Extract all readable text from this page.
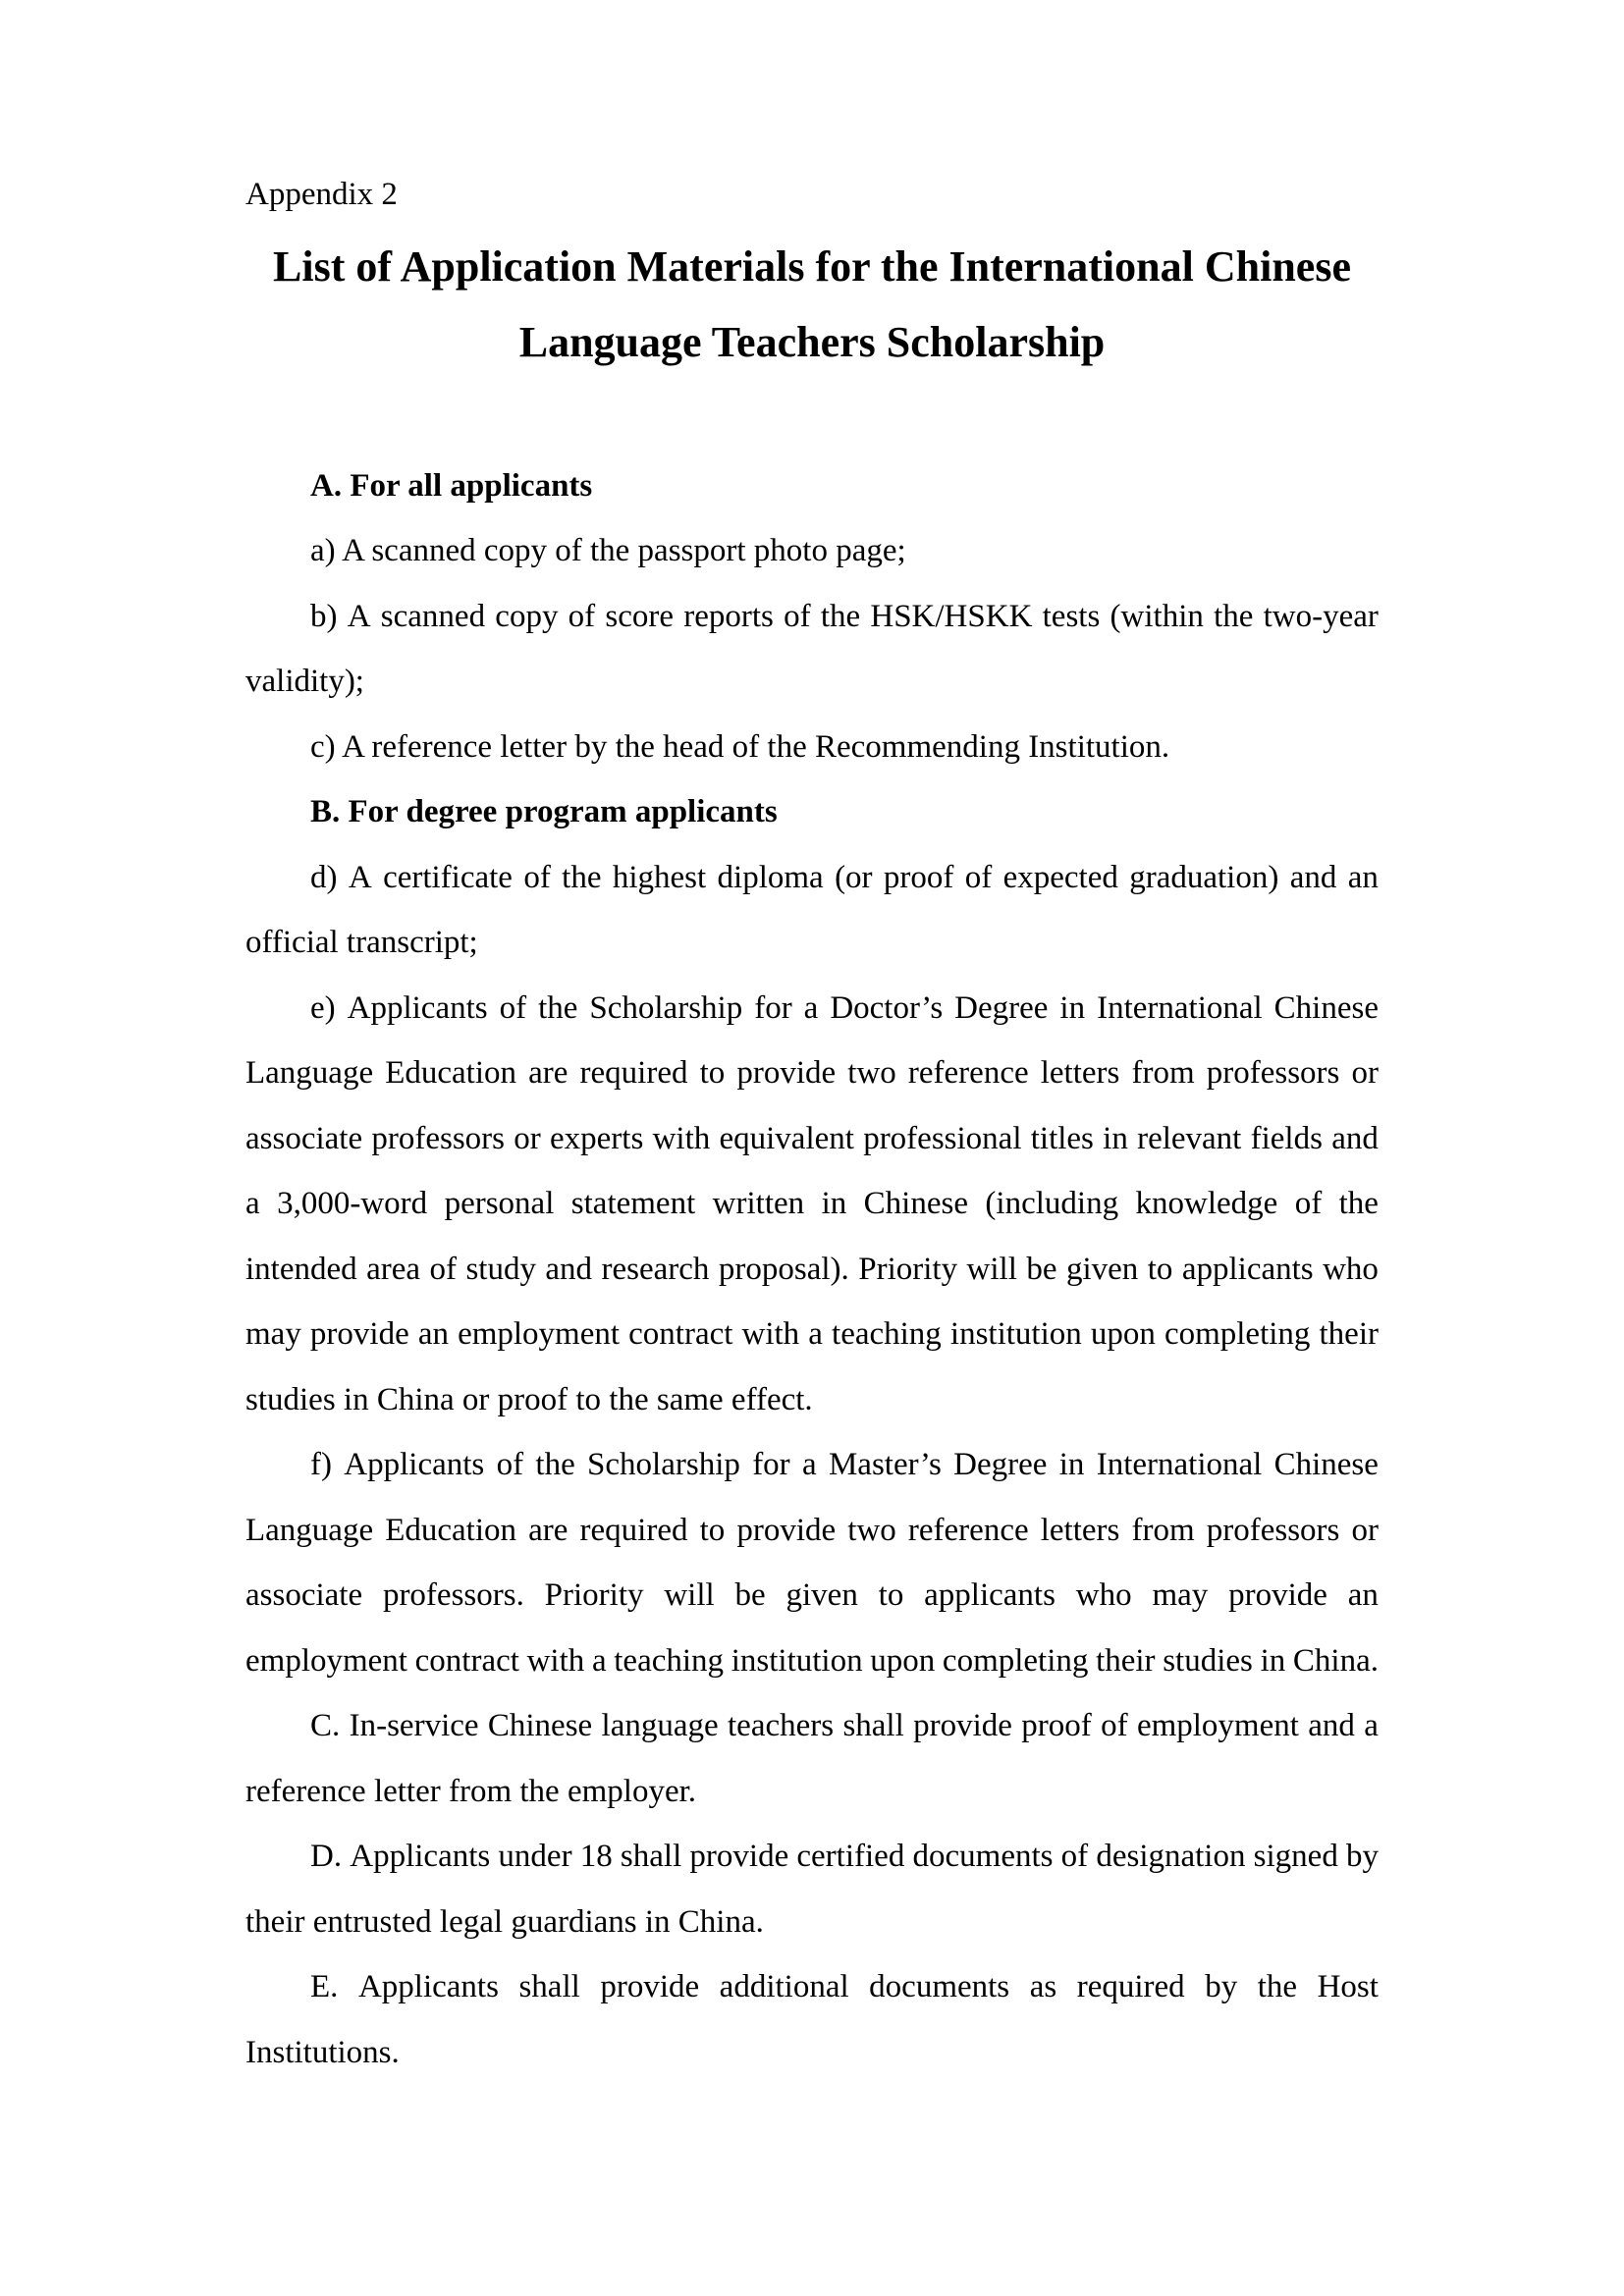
Appendix 2
List of Application Materials for the International Chinese
Language Teachers Scholarship
A. For all applicants
a) A scanned copy of the passport photo page;
b) A scanned copy of score reports of the HSK/HSKK tests (within the two-year
validity);
c) A reference letter by the head of the Recommending Institution.
B. For degree program applicants
d) A certificate of the highest diploma (or proof of expected graduation) and an
official transcript;
e) Applicants of the Scholarship for a Doctor’s Degree in International Chinese
Language Education are required to provide two reference letters from professors or
associate professors or experts with equivalent professional titles in relevant fields and
a 3,000-word personal statement written in Chinese (including knowledge of the
intended area of study and research proposal). Priority will be given to applicants who
may provide an employment contract with a teaching institution upon completing their
studies in China or proof to the same effect.
f) Applicants of the Scholarship for a Master’s Degree in International Chinese
Language Education are required to provide two reference letters from professors or
associate professors. Priority will be given to applicants who may provide an
employment contract with a teaching institution upon completing their studies in China.
C. In-service Chinese language teachers shall provide proof of employment and a
reference letter from the employer.
D. Applicants under 18 shall provide certified documents of designation signed by
their entrusted legal guardians in China.
E. Applicants shall provide additional documents as required by the Host
Institutions.
